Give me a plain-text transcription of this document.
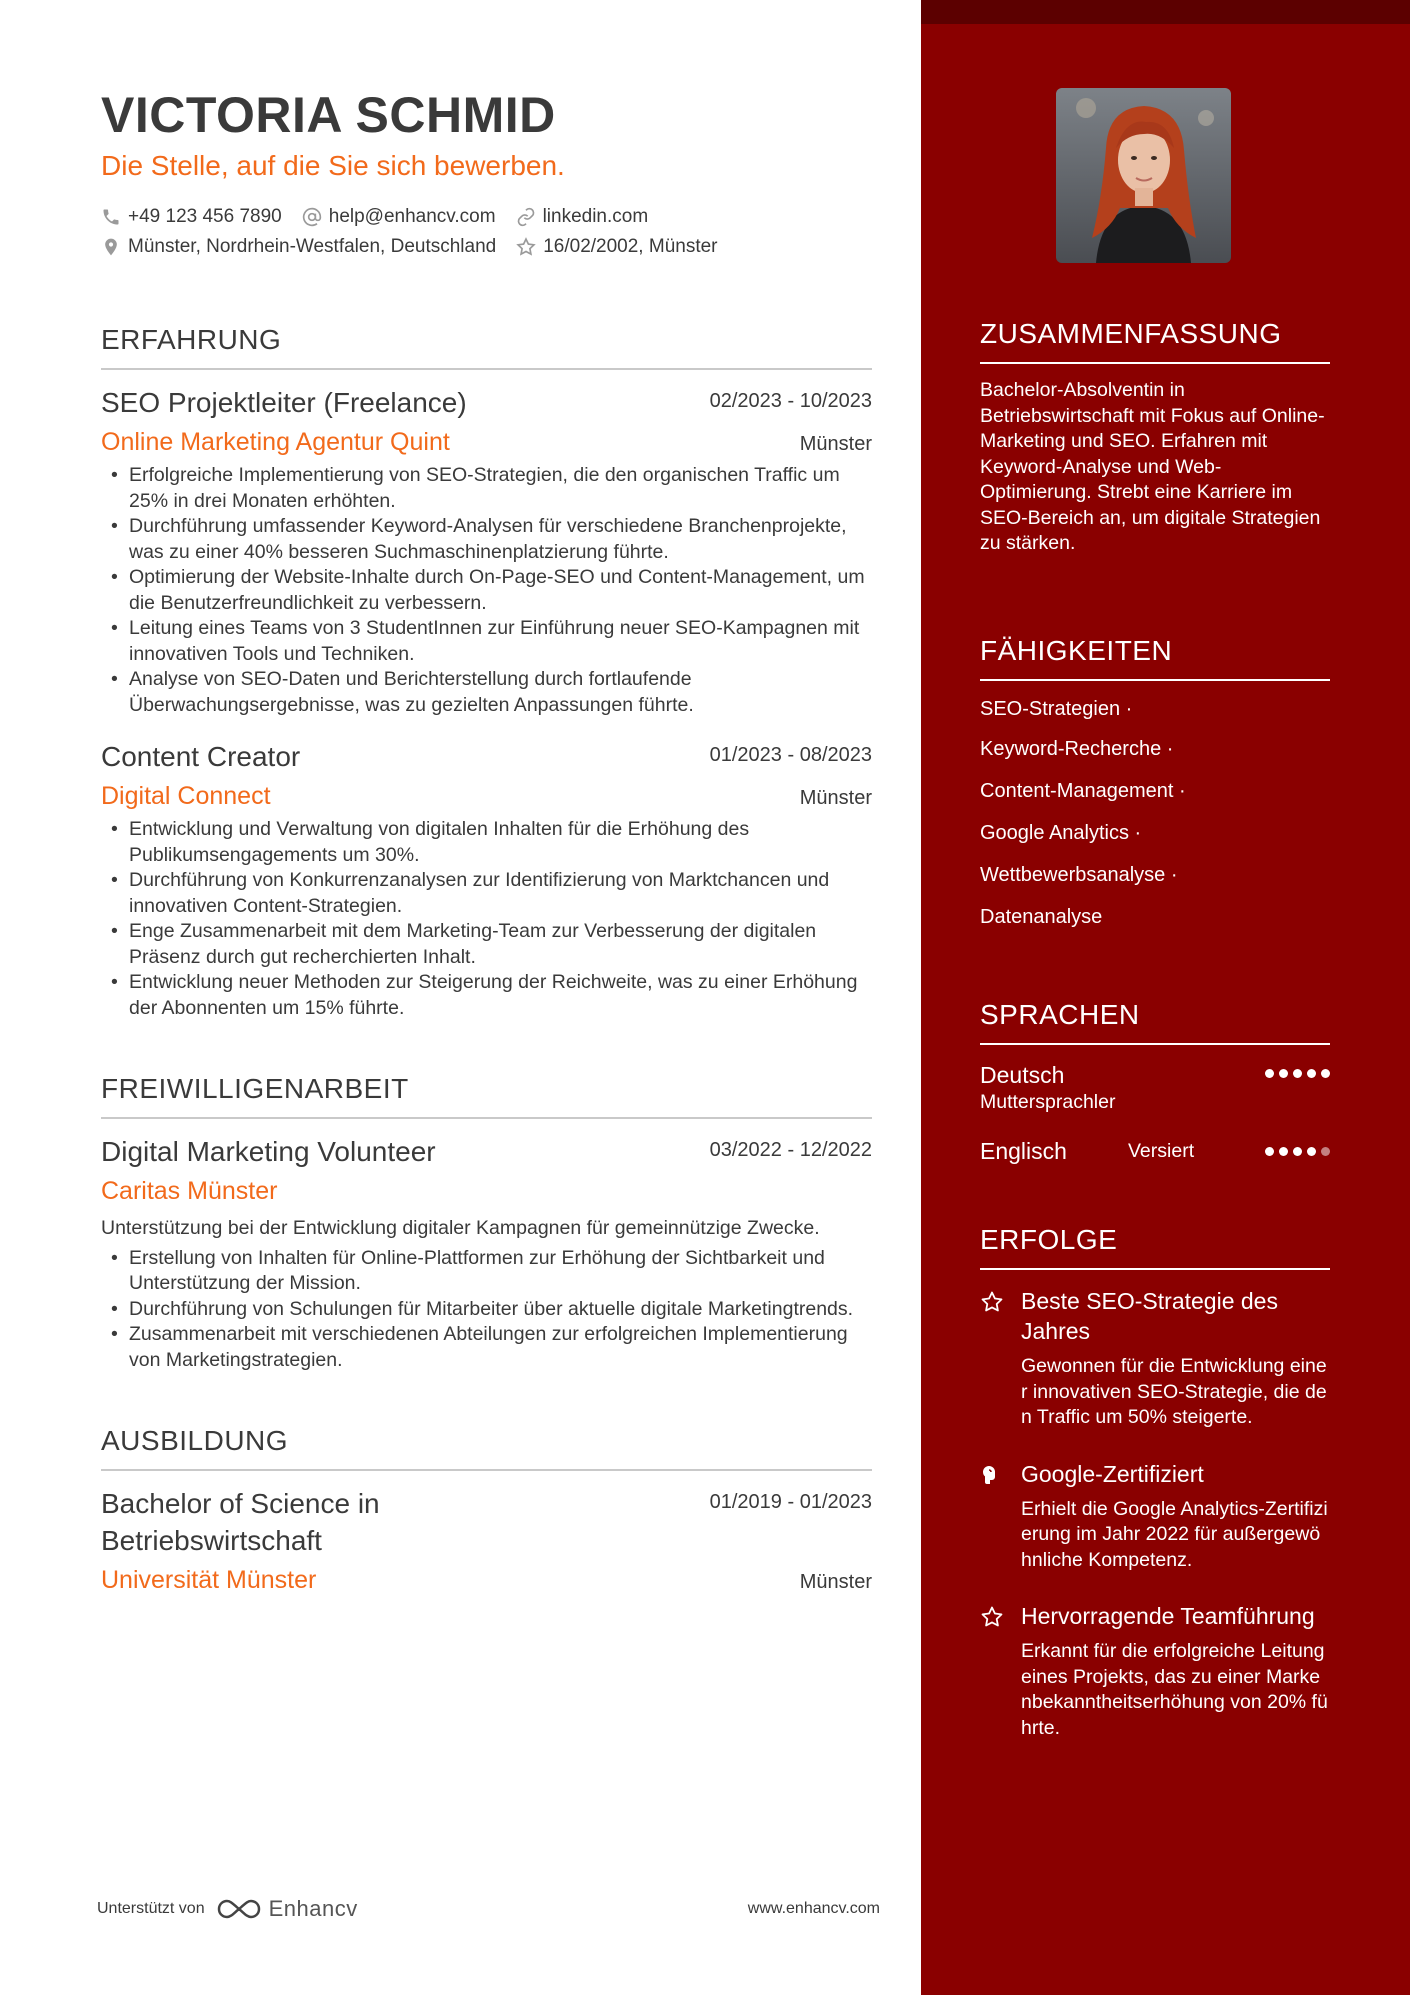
VICTORIA SCHMID
Die Stelle, auf die Sie sich bewerben.
+49 123 456 7890 help@enhancv.com linkedin.com
Münster, Nordrhein-Westfalen, Deutschland 16/02/2002, Münster
ERFAHRUNG
SEO Projektleiter (Freelance)	02/2023 - 10/2023
Online Marketing Agentur Quint	Münster
• Erfolgreiche Implementierung von SEO-Strategien, die den organischen Traffic um 25% in drei Monaten erhöhten.
• Durchführung umfassender Keyword-Analysen für verschiedene Branchenprojekte, was zu einer 40% besseren Suchmaschinenplatzierung führte.
• Optimierung der Website-Inhalte durch On-Page-SEO und Content-Management, um die Benutzerfreundlichkeit zu verbessern.
• Leitung eines Teams von 3 StudentInnen zur Einführung neuer SEO-Kampagnen mit innovativen Tools und Techniken.
• Analyse von SEO-Daten und Berichterstellung durch fortlaufende Überwachungsergebnisse, was zu gezielten Anpassungen führte.
Content Creator	01/2023 - 08/2023
Digital Connect	Münster
• Entwicklung und Verwaltung von digitalen Inhalten für die Erhöhung des Publikumsengagements um 30%.
• Durchführung von Konkurrenzanalysen zur Identifizierung von Marktchancen und innovativen Content-Strategien.
• Enge Zusammenarbeit mit dem Marketing-Team zur Verbesserung der digitalen Präsenz durch gut recherchierten Inhalt.
• Entwicklung neuer Methoden zur Steigerung der Reichweite, was zu einer Erhöhung der Abonnenten um 15% führte.
FREIWILLIGENARBEIT
Digital Marketing Volunteer	03/2022 - 12/2022
Caritas Münster
Unterstützung bei der Entwicklung digitaler Kampagnen für gemeinnützige Zwecke.
• Erstellung von Inhalten für Online-Plattformen zur Erhöhung der Sichtbarkeit und Unterstützung der Mission.
• Durchführung von Schulungen für Mitarbeiter über aktuelle digitale Marketingtrends.
• Zusammenarbeit mit verschiedenen Abteilungen zur erfolgreichen Implementierung von Marketingstrategien.
AUSBILDUNG
Bachelor of Science in Betriebswirtschaft
01/2019 - 01/2023
Universität Münster	Münster
Unterstützt von	Enhancv	www.enhancv.com
ZUSAMMENFASSUNG
Bachelor-Absolventin in Betriebswirtschaft mit Fokus auf Online-Marketing und SEO. Erfahren mit Keyword-Analyse und Web-Optimierung. Strebt eine Karriere im SEO-Bereich an, um digitale Strategien zu stärken.
FÄHIGKEITEN
SEO-Strategien ·
Keyword-Recherche ·
Content-Management ·
Google Analytics ·
Wettbewerbsanalyse ·
Datenanalyse
SPRACHEN
Deutsch
Muttersprachler
Englisch	Versiert
ERFOLGE
Beste SEO-Strategie des Jahres
Gewonnen für die Entwicklung einer innovativen SEO-Strategie, die den Traffic um 50% steigerte.
Google-Zertifiziert
Erhielt die Google Analytics-Zertifizierung im Jahr 2022 für außergewöhnliche Kompetenz.
Hervorragende Teamführung
Erkannt für die erfolgreiche Leitung eines Projekts, das zu einer Markenbekanntheitserhöhung von 20% führte.
